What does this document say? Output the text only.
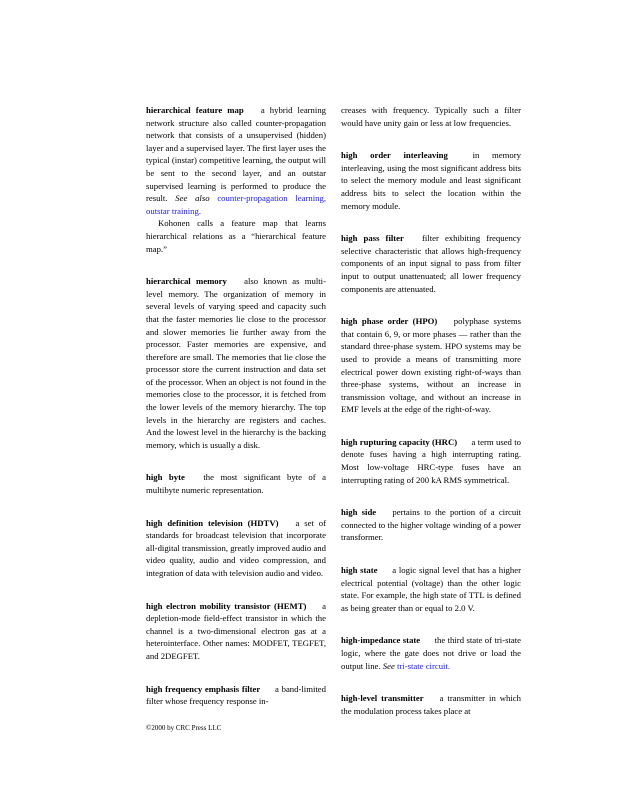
hierarchical feature map a hybrid learning network structure also called counter-propagation network that consists of a unsupervised (hidden) layer and a supervised layer. The first layer uses the typical (instar) competitive learning, the output will be sent to the second layer, and an outstar supervised learning is performed to produce the result. See also counter-propagation learning, outstar training.

Kohonen calls a feature map that learns hierarchical relations as a “hierarchical feature map.”

hierarchical memory also known as multi-level memory. The organization of memory in several levels of varying speed and capacity such that the faster memories lie close to the processor and slower memories lie further away from the processor. Faster memories are expensive, and therefore are small. The memories that lie close the processor store the current instruction and data set of the processor. When an object is not found in the memories close to the processor, it is fetched from the lower levels of the memory hierarchy. The top levels in the hierarchy are registers and caches. And the lowest level in the hierarchy is the backing memory, which is usually a disk.

high byte the most significant byte of a multibyte numeric representation.

high definition television (HDTV) a set of standards for broadcast television that incorporate all-digital transmission, greatly improved audio and video quality, audio and video compression, and integration of data with television audio and video.

high electron mobility transistor (HEMT) a depletion-mode field-effect transistor in which the channel is a two-dimensional electron gas at a heterointerface. Other names: MODFET, TEGFET, and 2DEGFET.

high frequency emphasis filter a band-limited filter whose frequency response in-

creases with frequency. Typically such a filter would have unity gain or less at low frequencies.

high order interleaving	in memory interleaving, using the most significant address bits to select the memory module and least significant address bits to select the location within the memory module.

high pass filter filter exhibiting frequency selective characteristic that allows high-frequency components of an input signal to pass from filter input to output unattenuated; all lower frequency components are attenuated.

high phase order (HPO) polyphase systems that contain 6, 9, or more phases — rather than the standard three-phase system. HPO systems may be used to provide a means of transmitting more electrical power down existing right-of-ways than three-phase systems, without an increase in transmission voltage, and without an increase in EMF levels at the edge of the right-of-way.

high rupturing capacity (HRC) a term used to denote fuses having a high interrupting rating. Most low-voltage HRC-type fuses have an interrupting rating of 200 kA RMS symmetrical.

high side pertains to the portion of a circuit connected to the higher voltage winding of a power transformer.

high state a logic signal level that has a higher electrical potential (voltage) than the other logic state. For example, the high state of TTL is defined as being greater than or equal to 2.0 V.

high-impedance state the third state of tri-state logic, where the gate does not drive or load the output line. See tri-state circuit.

high-level transmitter a transmitter in which the modulation process takes place at

©2000 by CRC Press LLC
